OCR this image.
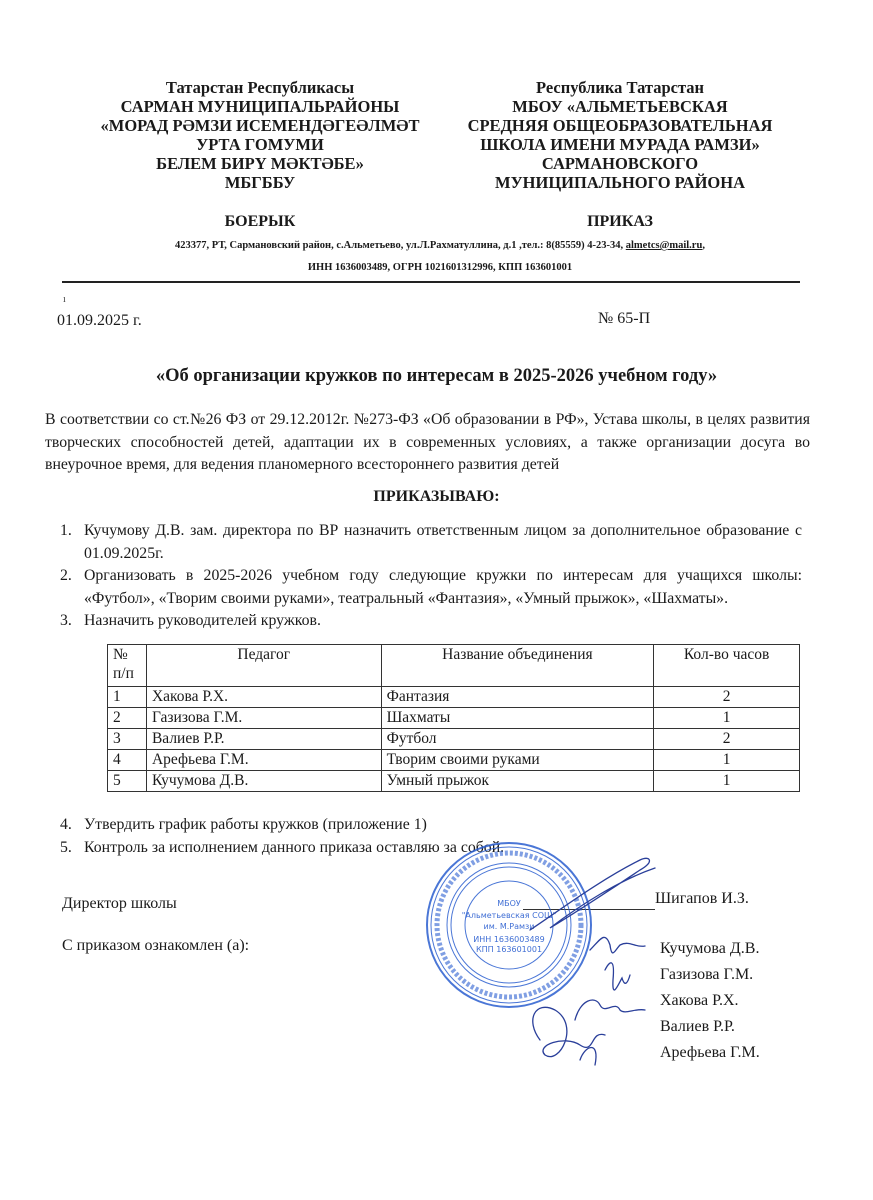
Татарстан Республикасы
САРМАН МУНИЦИПАЛЬРАЙОНЫ
«МОРАД РӘМЗИ ИСЕМЕНДӘГЕӘЛМӘТ
УРТА ГОМУМИ
БЕЛЕМ БИРҮ МӘКТӘБЕ»
МБГББУ
БОЕРЫК
Республика Татарстан
МБОУ «АЛЬМЕТЬЕВСКАЯ
СРЕДНЯЯ ОБЩЕОБРАЗОВАТЕЛЬНАЯ
ШКОЛА ИМЕНИ МУРАДА РАМЗИ»
САРМАНОВСКОГО
МУНИЦИПАЛЬНОГО РАЙОНА
ПРИКАЗ
423377, РТ, Сармановский район, с.Альметьево, ул.Л.Рахматуллина, д.1 ,тел.: 8(85559) 4-23-34, almetcs@mail.ru,
ИНН 1636003489, ОГРН 1021601312996, КПП 163601001
01.09.2025 г.	№ 65-П
«Об организации кружков по интересам в 2025-2026 учебном году»
В соответствии со ст.№26 ФЗ от 29.12.2012г. №273-ФЗ «Об образовании в РФ», Устава школы, в целях развития творческих способностей детей, адаптации их в современных условиях, а также организации досуга во внеурочное время, для ведения планомерного всестороннего развития детей
ПРИКАЗЫВАЮ:
1. Кучумову Д.В. зам. директора по ВР назначить ответственным лицом за дополнительное образование с 01.09.2025г.
2. Организовать в 2025-2026 учебном году следующие кружки по интересам для учащихся школы: «Футбол», «Творим своими руками», театральный «Фантазия», «Умный прыжок», «Шахматы».
3. Назначить руководителей кружков.
№ п/п	Педагог	Название объединения	Кол-во часов
1	Хакова Р.Х.	Фантазия	2
2	Газизова Г.М.	Шахматы	1
3	Валиев Р.Р.	Футбол	2
4	Арефьева Г.М.	Творим своими руками	1
5	Кучумова Д.В.	Умный прыжок	1
4. Утвердить график работы кружков (приложение 1)
5. Контроль за исполнением данного приказа оставляю за собой.
Директор школы
С приказом ознакомлен (а):
Шигапов И.З.
Кучумова Д.В.
Газизова Г.М.
Хакова Р.Х.
Валиев Р.Р.
Арефьева Г.М.
МБОУ
"Альметьевская СОШ"
им. М.Рамзи
ИНН 1636003489
КПП 163601001
ı
